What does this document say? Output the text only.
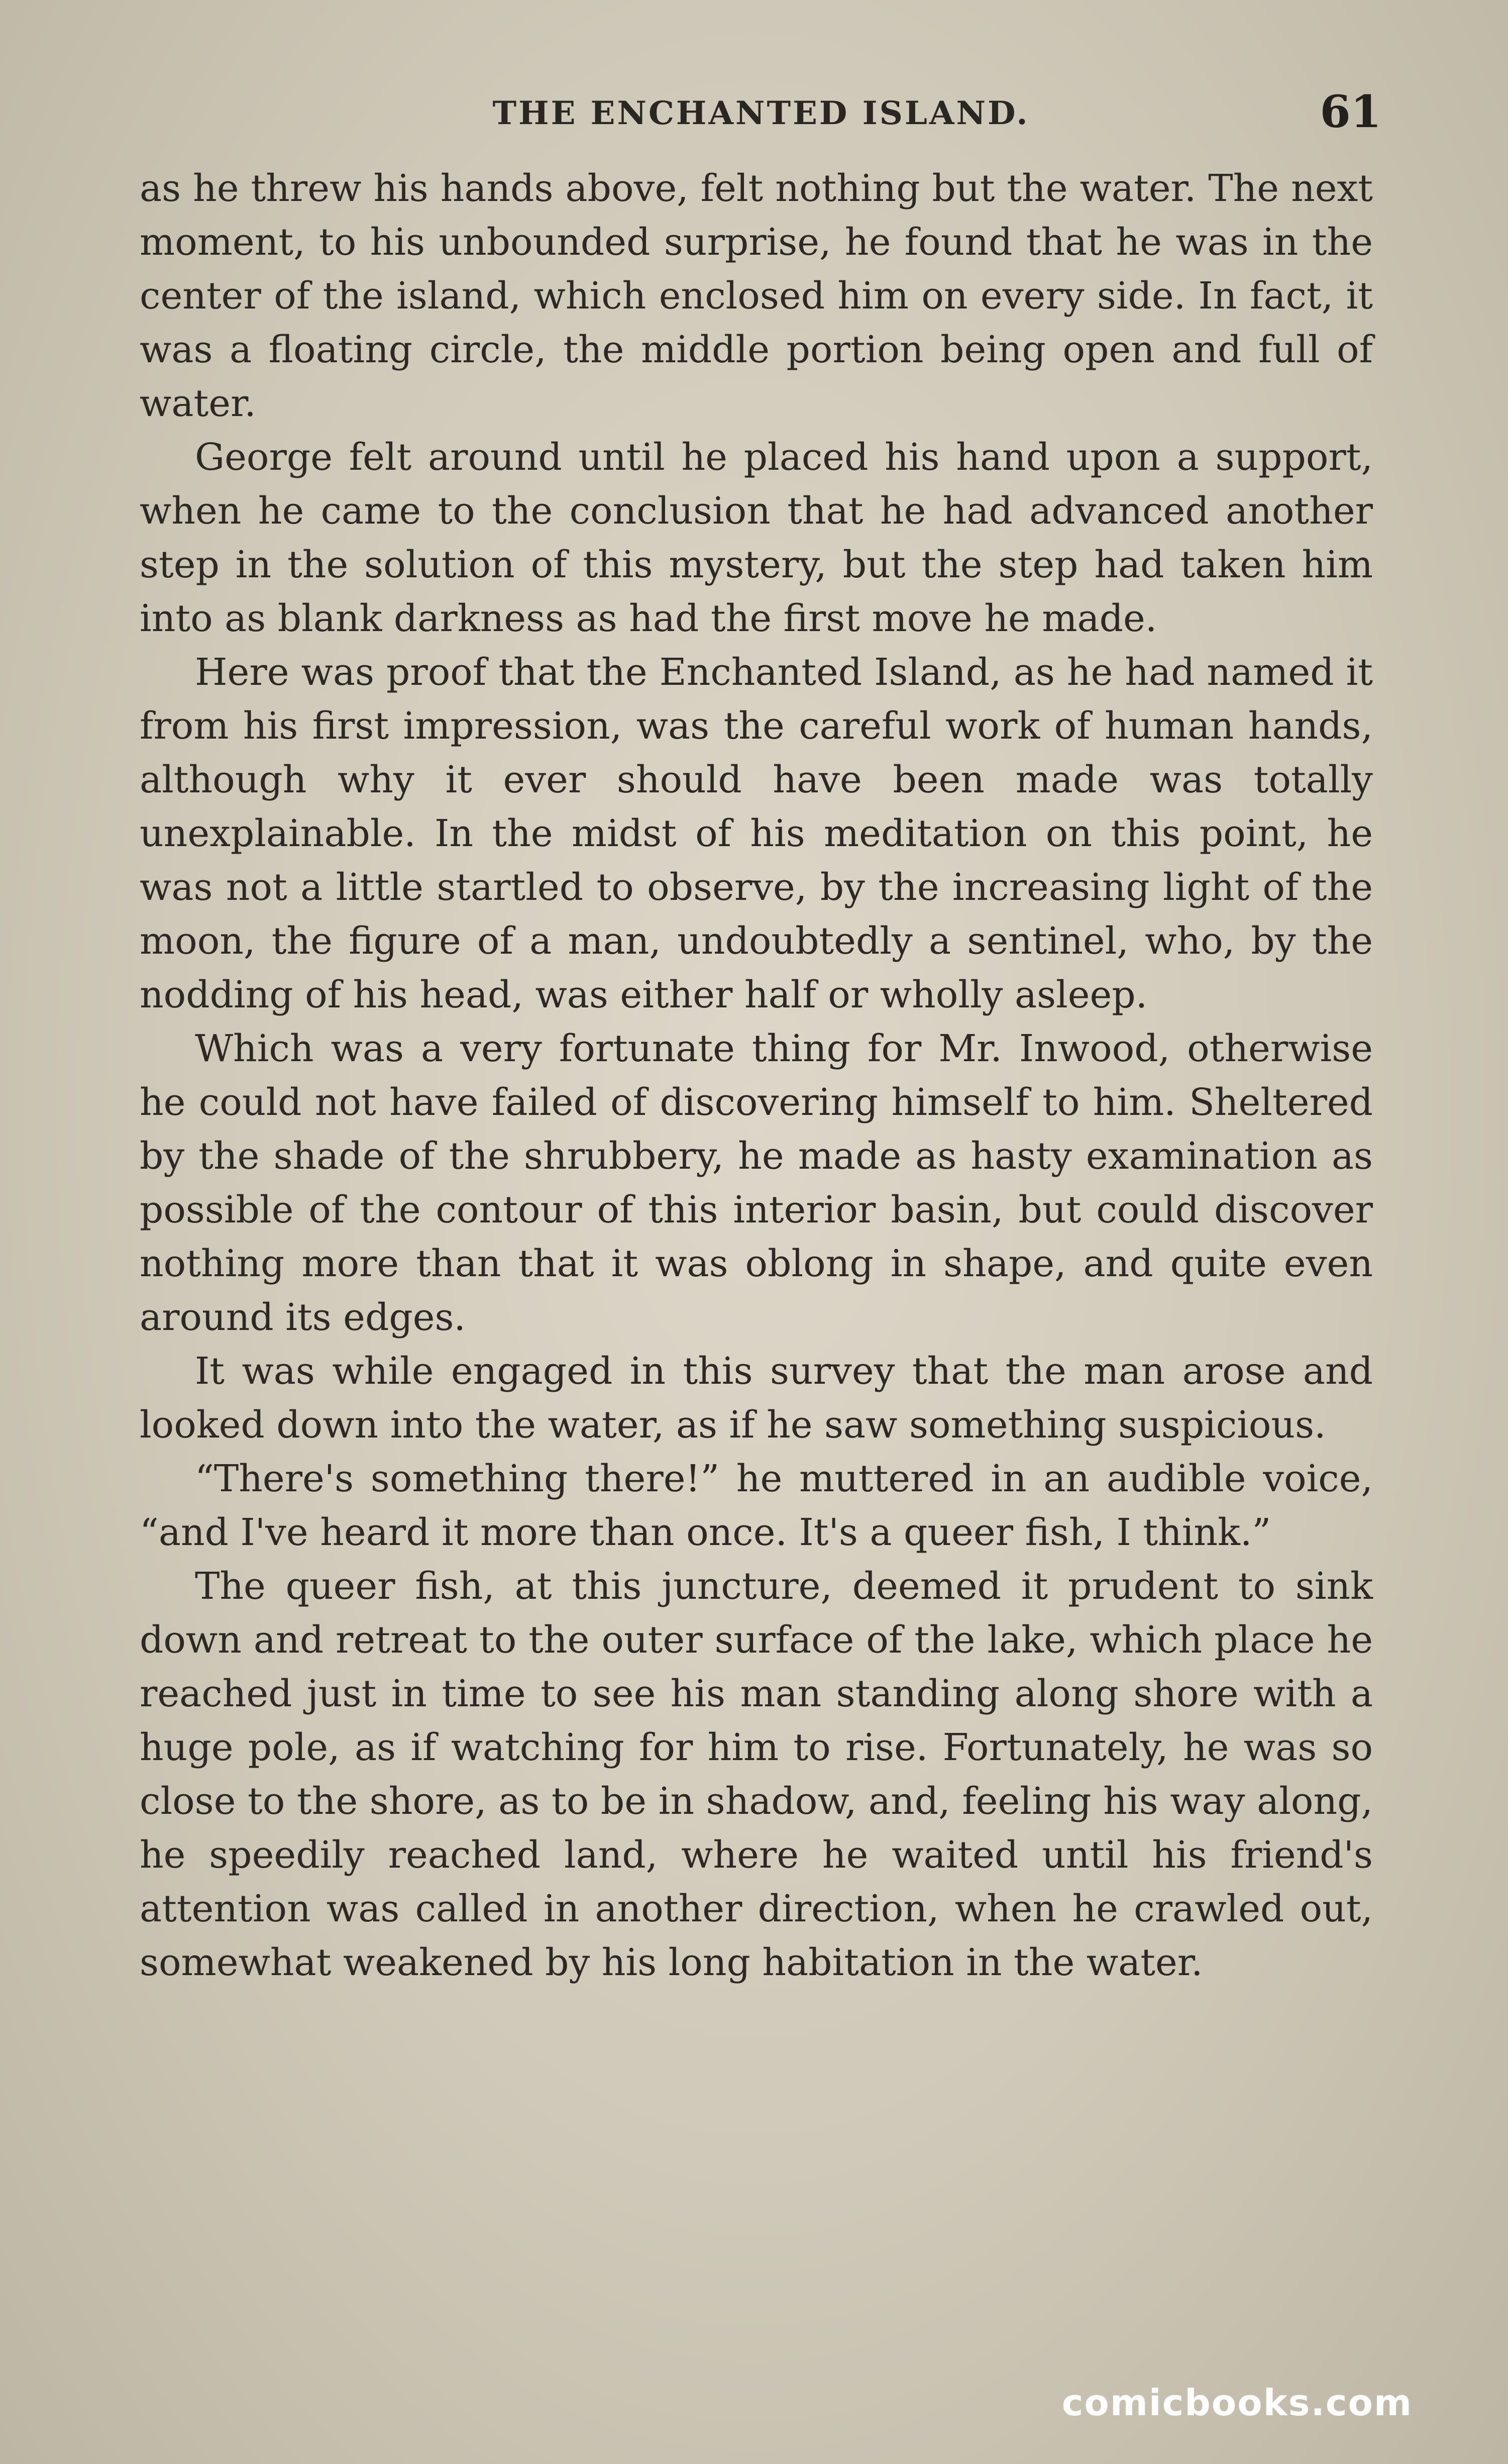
THE ENCHANTED ISLAND.	61

as he threw his hands above, felt nothing but the water. The next moment, to his unbounded surprise, he found that he was in the center of the island, which enclosed him on every side. In fact, it was a floating circle, the middle portion being open and full of water.

George felt around until he placed his hand upon a support, when he came to the conclusion that he had advanced another step in the solution of this mystery, but the step had taken him into as blank darkness as had the first move he made.

Here was proof that the Enchanted Island, as he had named it from his first impression, was the careful work of human hands, although why it ever should have been made was totally unexplainable. In the midst of his meditation on this point, he was not a little startled to observe, by the increasing light of the moon, the figure of a man, undoubtedly a sentinel, who, by the nodding of his head, was either half or wholly asleep.

Which was a very fortunate thing for Mr. Inwood, otherwise he could not have failed of discovering himself to him. Sheltered by the shade of the shrubbery, he made as hasty examination as possible of the contour of this interior basin, but could discover nothing more than that it was oblong in shape, and quite even around its edges.

It was while engaged in this survey that the man arose and looked down into the water, as if he saw something suspicious.

“There's something there!” he muttered in an audible voice, “and I've heard it more than once. It's a queer fish, I think.”

The queer fish, at this juncture, deemed it prudent to sink down and retreat to the outer surface of the lake, which place he reached just in time to see his man standing along shore with a huge pole, as if watching for him to rise. Fortunately, he was so close to the shore, as to be in shadow, and, feeling his way along, he speedily reached land, where he waited until his friend's attention was called in another direction, when he crawled out, somewhat weakened by his long habitation in the water.

comicbooks.com
